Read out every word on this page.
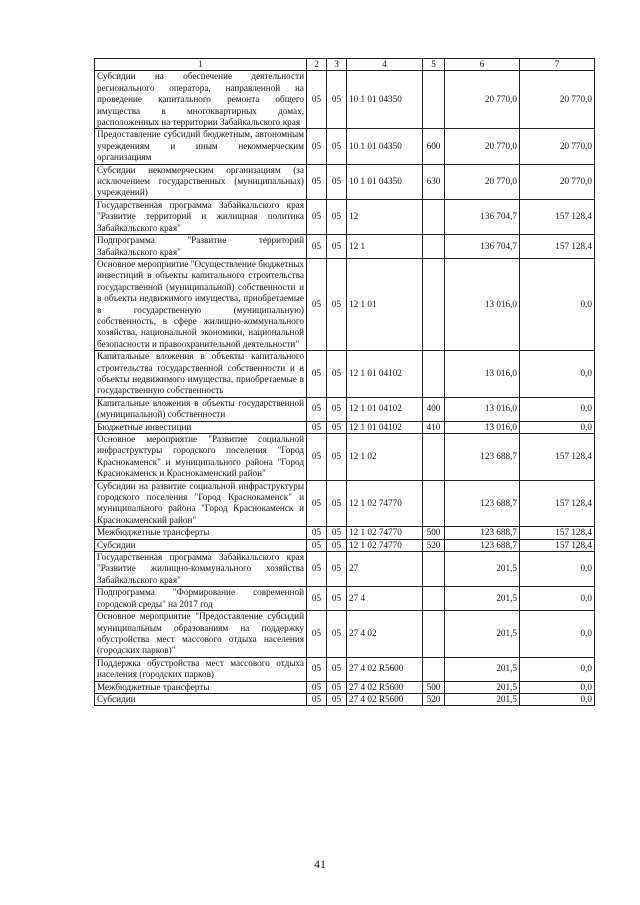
1	2	3	4	5	6	7
Субсидии на обеспечение деятельности регионального оператора, направленной на проведение капитального ремонта общего имущества в многоквартирных домах, расположенных на территории Забайкальского края	05	05	10 1 01 04350		20 770,0	20 770,0
Предоставление субсидий бюджетным, автономным учреждениям и иным некоммерческим организациям	05	05	10 1 01 04350	600	20 770,0	20 770,0
Субсидии некоммерческим организациям (за исключением государственных (муниципальных) учреждений)	05	05	10 1 01 04350	630	20 770,0	20 770,0
Государственная программа Забайкальского края "Развитие территорий и жилищная политика Забайкальского края"	05	05	12		136 704,7	157 128,4
Подпрограмма "Развитие территорий Забайкальского края"	05	05	12 1		136 704,7	157 128,4
Основное мероприятие "Осуществление бюджетных инвестиций в объекты капитального строительства государственной (муниципальной) собственности и в объекты недвижимого имущества, приобретаемые в государственную (муниципальную) собственность, в сфере жилищно-коммунального хозяйства, национальной экономики, национальной безопасности и правоохранительной деятельности"	05	05	12 1 01		13 016,0	0,0
Капитальные вложения в объекты капитального строительства государственной собственности и в объекты недвижимого имущества, приобретаемые в государственную собственность	05	05	12 1 01 04102		13 016,0	0,0
Капитальные вложения в объекты государственной (муниципальной) собственности	05	05	12 1 01 04102	400	13 016,0	0,0
Бюджетные инвестиции	05	05	12 1 01 04102	410	13 016,0	0,0
Основное мероприятие "Развитие социальной инфраструктуры городского поселения "Город Краснокаменск" и муниципального района "Город Краснокаменск и Краснокаменский район"	05	05	12 1 02		123 688,7	157 128,4
Субсидии на развитие социальной инфраструктуры городского поселения "Город Краснокаменск" и муниципального района "Город Краснокаменск и Краснокаменский район"	05	05	12 1 02 74770		123 688,7	157 128,4
Межбюджетные трансферты	05	05	12 1 02 74770	500	123 688,7	157 128,4
Субсидии	05	05	12 1 02 74770	520	123 688,7	157 128,4
Государственная программа Забайкальского края "Развитие жилищно-коммунального хозяйства Забайкальского края"	05	05	27		201,5	0,0
Подпрограмма "Формирование современной городской среды" на 2017 год	05	05	27 4		201,5	0,0
Основное мероприятие "Предоставление субсидий муниципальным образованиям на поддержку обустройства мест массового отдыха населения (городских парков)"	05	05	27 4 02		201,5	0,0
Поддержка обустройства мест массового отдыха населения (городских парков)	05	05	27 4 02 R5600		201,5	0,0
Межбюджетные трансферты	05	05	27 4 02 R5600	500	201,5	0,0
Субсидии	05	05	27 4 02 R5600	520	201,5	0,0
41
